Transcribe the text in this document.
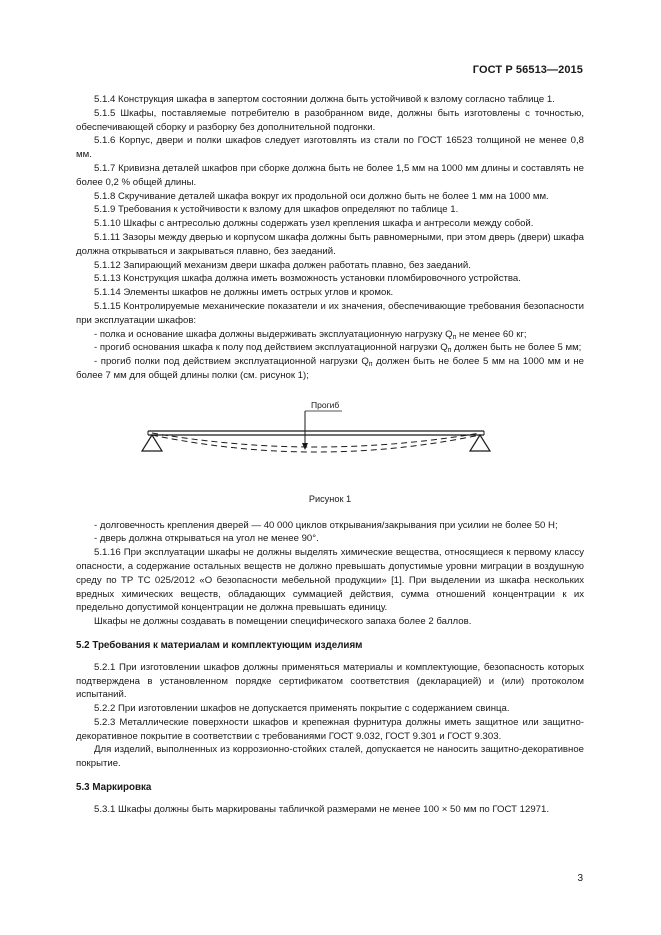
ГОСТ Р 56513—2015

5.1.4 Конструкция шкафа в запертом состоянии должна быть устойчивой к взлому согласно таблице 1.

5.1.5 Шкафы, поставляемые потребителю в разобранном виде, должны быть изготовлены с точностью, обеспечивающей сборку и разборку без дополнительной подгонки.

5.1.6 Корпус, двери и полки шкафов следует изготовлять из стали по ГОСТ 16523 толщиной не менее 0,8 мм.

5.1.7 Кривизна деталей шкафов при сборке должна быть не более 1,5 мм на 1000 мм длины и составлять не более 0,2 % общей длины.

5.1.8 Скручивание деталей шкафа вокруг их продольной оси должно быть не более 1 мм на 1000 мм.

5.1.9 Требования к устойчивости к взлому для шкафов определяют по таблице 1.

5.1.10 Шкафы с антресолью должны содержать узел крепления шкафа и антресоли между собой.

5.1.11 Зазоры между дверью и корпусом шкафа должны быть равномерными, при этом дверь (двери) шкафа должна открываться и закрываться плавно, без заеданий.

5.1.12 Запирающий механизм двери шкафа должен работать плавно, без заеданий.

5.1.13 Конструкция шкафа должна иметь возможность установки пломбировочного устройства.

5.1.14 Элементы шкафов не должны иметь острых углов и кромок.

5.1.15 Контролируемые механические показатели и их значения, обеспечивающие требования безопасности при эксплуатации шкафов:

- полка и основание шкафа должны выдерживать эксплуатационную нагрузку $Q_п$ не менее 60 кг;

- прогиб основания шкафа к полу под действием эксплуатационной нагрузки $Q_п$ должен быть не более 5 мм;

- прогиб полки под действием эксплуатационной нагрузки $Q_п$ должен быть не более 5 мм на 1000 мм и не более 7 мм для общей длины полки (см. рисунок 1);

Прогиб
Рисунок 1

- долговечность крепления дверей — 40 000 циклов открывания/закрывания при усилии не более 50 Н;

- дверь должна открываться на угол не менее 90°.

5.1.16 При эксплуатации шкафы не должны выделять химические вещества, относящиеся к первому классу опасности, а содержание остальных веществ не должно превышать допустимые уровни миграции в воздушную среду по ТР ТС 025/2012 «О безопасности мебельной продукции» [1]. При выделении из шкафа нескольких вредных химических веществ, обладающих суммацией действия, сумма отношений концентрации к их предельно допустимой концентрации не должна превышать единицу.

Шкафы не должны создавать в помещении специфического запаха более 2 баллов.

5.2 Требования к материалам и комплектующим изделиям

5.2.1 При изготовлении шкафов должны применяться материалы и комплектующие, безопасность которых подтверждена в установленном порядке сертификатом соответствия (декларацией) и (или) протоколом испытаний.

5.2.2 При изготовлении шкафов не допускается применять покрытие с содержанием свинца.

5.2.3 Металлические поверхности шкафов и крепежная фурнитура должны иметь защитное или защитно-декоративное покрытие в соответствии с требованиями ГОСТ 9.032, ГОСТ 9.301 и ГОСТ 9.303.

Для изделий, выполненных из коррозионно-стойких сталей, допускается не наносить защитно-декоративное покрытие.

5.3 Маркировка

5.3.1 Шкафы должны быть маркированы табличкой размерами не менее 100 × 50 мм по ГОСТ 12971.

3
